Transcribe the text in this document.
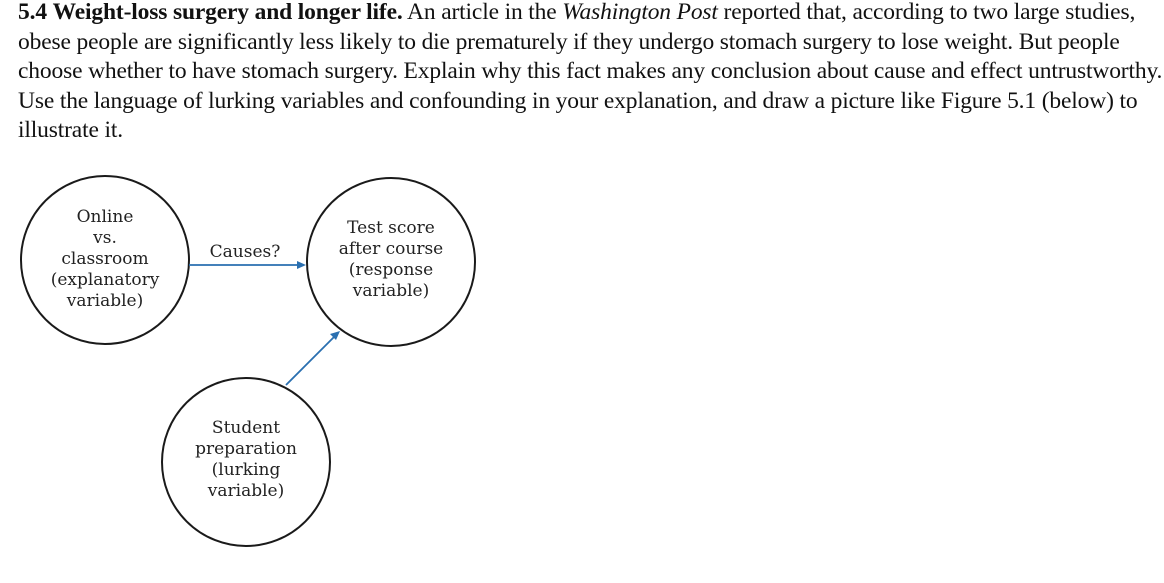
5.4 Weight-loss surgery and longer life. An article in the Washington Post reported that, according to two large studies, obese people are significantly less likely to die prematurely if they undergo stomach surgery to lose weight. But people choose whether to have stomach surgery. Explain why this fact makes any conclusion about cause and effect untrustworthy. Use the language of lurking variables and confounding in your explanation, and draw a picture like Figure 5.1 (below) to illustrate it.
Online
vs.
classroom
(explanatory
variable)
Test score
after course
(response
variable)
Student
preparation
(lurking
variable)
Causes?
